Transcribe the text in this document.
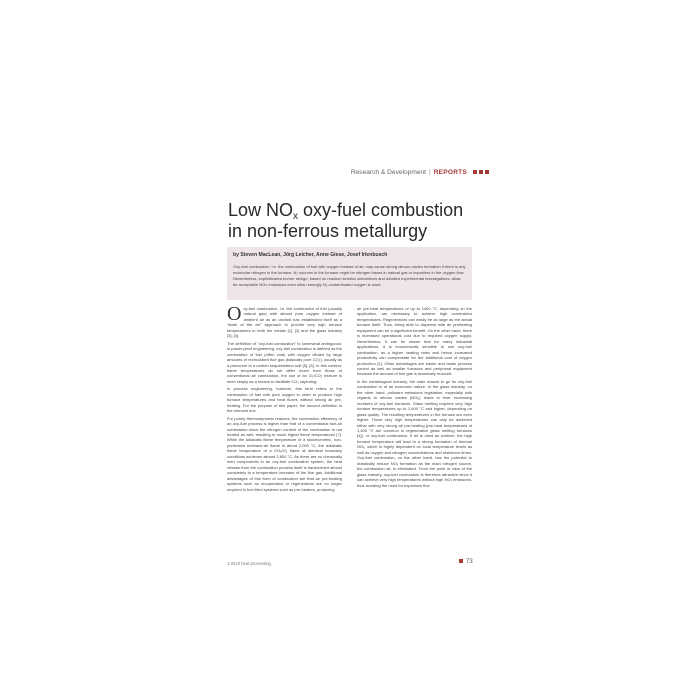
Research & Development | REPORTS
Low $NO_x$ oxy-fuel combustion
in non-ferrous metallurgy
by Steven MacLean, Jörg Leicher, Anne Giese, Josef Irlenbusch

Oxy-fuel combustion, i.e. the combustion of fuel with oxygen instead of air, may cause strong nitrous oxides formation if there is any molecular nitrogen in the furnace. N₂ sources in the furnace might be nitrogen traces in natural gas or impurities in the oxygen flow. Nevertheless, sophisticated burner design, based on reaction kinetics simulations and detailed experimental investigations, allow for acceptable NOx emissions even when strongly N₂-contaminated oxygen is used.

Oxy-fuel combustion, i.e. the combustion of fuel (usually natural gas) with almost pure oxygen instead of ambient air as an oxidant has established itself as a "state of the art" approach to provide very high furnace temperatures in both the metals [1], [2] and the glass industry [3], [4].

The definition of "oxy-fuel combustion" is somewhat ambiguous: in power plant engineering, oxy-fuel combustion is defined as the combustion of fuel (often coal) with oxygen diluted by large amounts of recirculated flue gas (basically pure CO₂), usually as a precursor to a carbon sequestration unit [5], [6]. In this context, flame temperatures do not differ much from those of conventional air combustion, the use of an O₂/CO₂ mixture is seen simply as a means to facilitate CO₂ capturing.

In process engineering, however, this term refers to the combustion of fuel with pure oxygen in order to produce high furnace temperatures and heat fluxes without strong air pre-heating. For the purpose of this paper, the second definition is the relevant one.

For purely thermodynamic reasons, the combustion efficiency of an oxy-fuel process is higher than that of a conventional fuel-air combustion since the nitrogen content of the combustion is not heated as well, resulting in much higher flame temperatures [7]. While the adiabatic flame temperature of a stoichiometric, non-preheated methane-air flame is about 2,000 °C, the adiabatic flame temperature of a CH₄/O₂ flame at identical boundary conditions achieves almost 2,800 °C. As there are no chemically inert components in an oxy-fuel combustion system, the heat release from the combustion process itself is transformed almost completely to a temperature increase of the flue gas. Additional advantages of this form of combustion are that air pre-heating systems such as recuperators or regenerators are no longer required in fuel-fired systems such as pre-heaters, producing

air pre-heat temperatures of up to 1400 °C, depending on the application, are necessary to achieve high combustion temperatures. Regenerators can easily be as large as the actual furnace itself. Thus, being able to dispense with air preheating equipment can be a significant benefit. On the other hand, there is increased operational cost due to required oxygen supply. Nevertheless, it can be shown that for many industrial applications, it is economically sensible to use oxy-fuel combustion, as a higher heating rates and hence increased productivity can compensate for the additional cost of oxygen production [1]. Other advantages are easier and faster process control as well as smaller furnaces and peripheral equipment because the amount of flue gas is drastically reduced.

In the metallurgical industry, the main reason to go for oxy-fuel combustion is of an economic nature. In the glass industry, on the other hand, pollutant emissions legislation, especially with regards to nitrous oxides (NOₓ), leads to ever increasing numbers of oxy-fuel furnaces. Glass melting requires very high furnace temperatures up to 1,600 °C and higher, depending on glass quality. The resulting temperatures in the furnace are even higher. These very high temperatures can only be achieved either with very strong air pre-heating (pre-heat temperatures of 1,400 °C are common in regenerative glass melting furnaces [4]), or oxy-fuel combustion. If air is used as oxidizer, the high furnace temperature will lead to a strong formation of thermal NOₓ, which is highly dependent on local temperature levels as well as oxygen and nitrogen concentrations and residence times. Oxy-fuel combustion, on the other hand, has the potential to drastically reduce NOₓ formation as the main nitrogen source, the combustion air, is eliminated. From the point of view of the glass industry, oxy-fuel combustion is therefore attractive since it can achieve very high temperatures without high NOₓ emissions, thus avoiding the need for expensive flue

1-2010 heat processing	73
